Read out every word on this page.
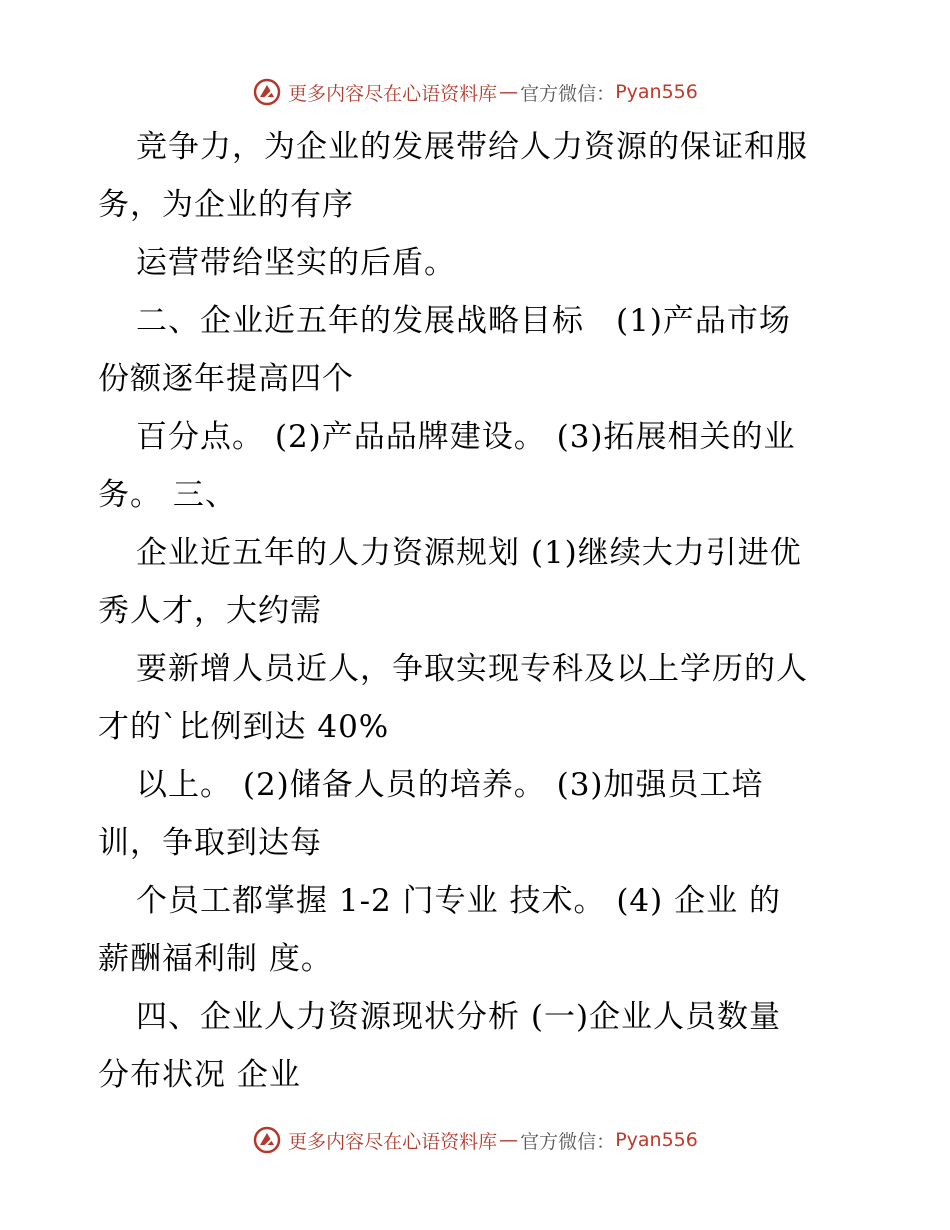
更多内容尽在心语资料库 — 官方微信： Pyan556
竞争力，为企业的发展带给人力资源的保证和服
务，为企业的有序
运营带给坚实的后盾。
二、企业近五年的发展战略目标　(1)产品市场
份额逐年提高四个
百分点。 (2)产品品牌建设。 (3)拓展相关的业
务。 三、
企业近五年的人力资源规划 (1)继续大力引进优
秀人才，大约需
要新增人员近人，争取实现专科及以上学历的人
才的`比例到达 40%
以上。 (2)储备人员的培养。 (3)加强员工培
训，争取到达每
个员工都掌握 1-2 门专业 技术。 (4) 企业 的
薪酬福利制 度。
四、企业人力资源现状分析 (一)企业人员数量
分布状况 企业
更多内容尽在心语资料库 — 官方微信： Pyan556
